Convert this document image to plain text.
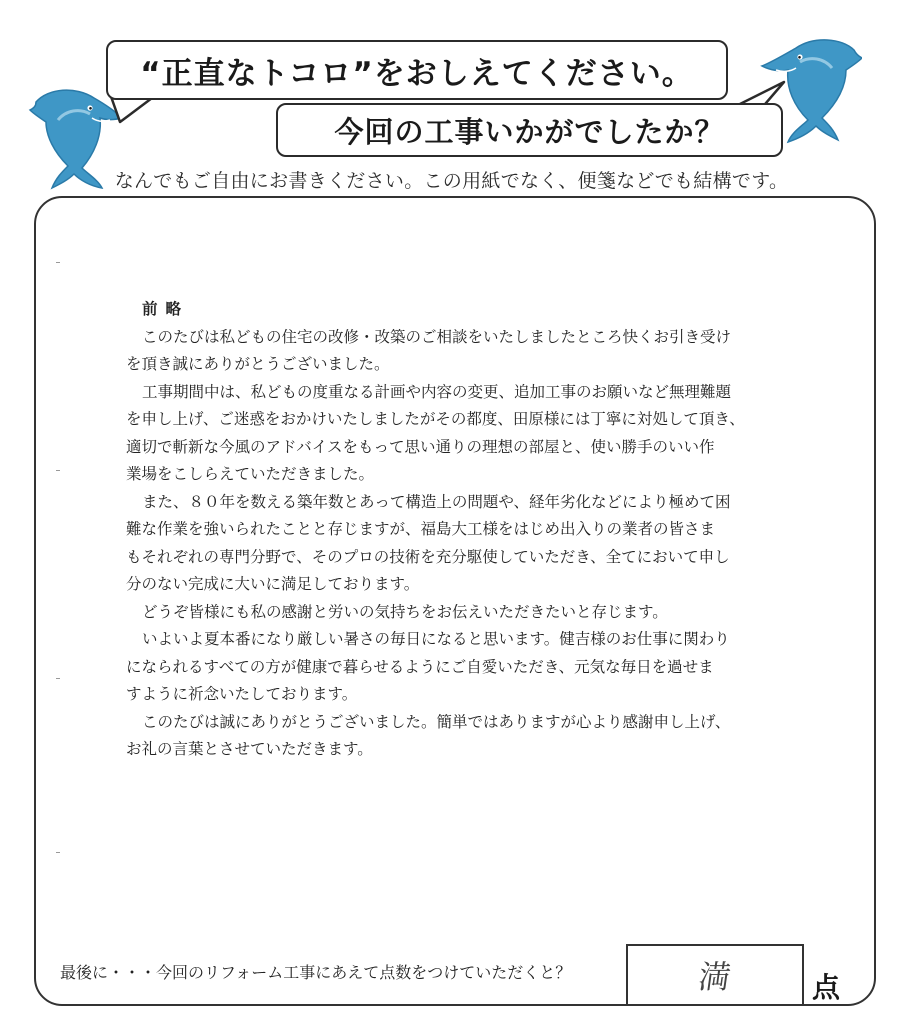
“正直なトコロ”をおしえてください。
今回の工事いかがでしたか？
なんでもご自由にお書きください。この用紙でなく、便箋などでも結構です。
前略
このたびは私どもの住宅の改修・改築のご相談をいたしましたところ快くお引き受け
を頂き誠にありがとうございました。
工事期間中は、私どもの度重なる計画や内容の変更、追加工事のお願いなど無理難題
を申し上げ、ご迷惑をおかけいたしましたがその都度、田原様には丁寧に対処して頂き、
適切で斬新な今風のアドバイスをもって思い通りの理想の部屋と、使い勝手のいい作
業場をこしらえていただきました。
また、８０年を数える築年数とあって構造上の問題や、経年劣化などにより極めて困
難な作業を強いられたことと存じますが、福島大工様をはじめ出入りの業者の皆さま
もそれぞれの専門分野で、そのプロの技術を充分駆使していただき、全てにおいて申し
分のない完成に大いに満足しております。
どうぞ皆様にも私の感謝と労いの気持ちをお伝えいただきたいと存じます。
いよいよ夏本番になり厳しい暑さの毎日になると思います。健吉様のお仕事に関わり
になられるすべての方が健康で暮らせるようにご自愛いただき、元気な毎日を過せま
すように祈念いたしております。
このたびは誠にありがとうございました。簡単ではありますが心より感謝申し上げ、
お礼の言葉とさせていただきます。
最後に・・・今回のリフォーム工事にあえて点数をつけていただくと？	満	点
